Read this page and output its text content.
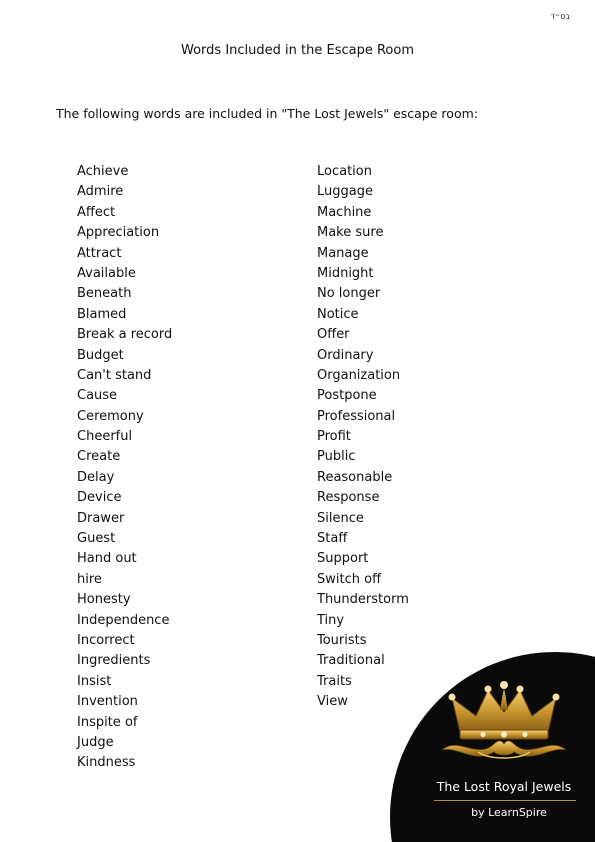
בס״ד
Words Included in the Escape Room
The following words are included in "The Lost Jewels" escape room:
Achieve
Admire
Affect
Appreciation
Attract
Available
Beneath
Blamed
Break a record
Budget
Can't stand
Cause
Ceremony
Cheerful
Create
Delay
Device
Drawer
Guest
Hand out
hire
Honesty
Independence
Incorrect
Ingredients
Insist
Invention
Inspite of
Judge
Kindness
Location
Luggage
Machine
Make sure
Manage
Midnight
No longer
Notice
Offer
Ordinary
Organization
Postpone
Professional
Profit
Public
Reasonable
Response
Silence
Staff
Support
Switch off
Thunderstorm
Tiny
Tourists
Traditional
Traits
View
The Lost Royal Jewels
by LearnSpire
